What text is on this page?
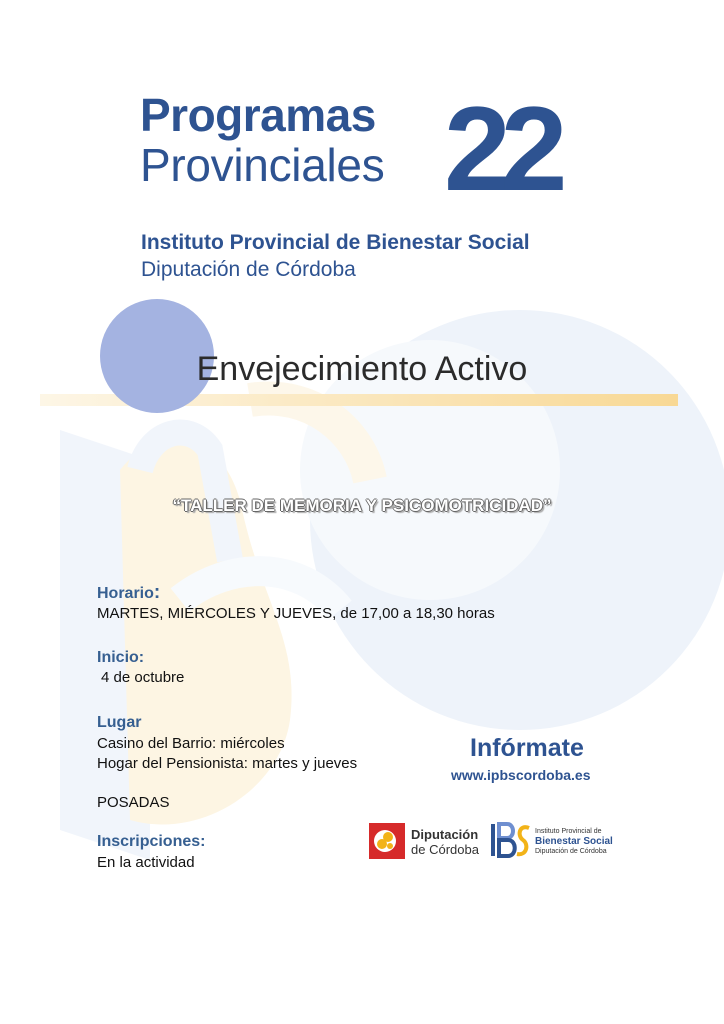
Programas
Provinciales 22
Instituto Provincial de Bienestar Social
Diputación de Córdoba
Envejecimiento Activo
“TALLER DE MEMORIA Y PSICOMOTRICIDAD”
Horario:
MARTES, MIÉRCOLES Y JUEVES, de 17,00 a 18,30 horas
Inicio:
4 de octubre
Lugar
Casino del Barrio: miércoles
Hogar del Pensionista: martes y jueves
POSADAS
Inscripciones:
En la actividad
Infórmate
www.ipbscordoba.es
Diputación
de Córdoba
Instituto Provincial de
Bienestar Social
Diputación de Córdoba
